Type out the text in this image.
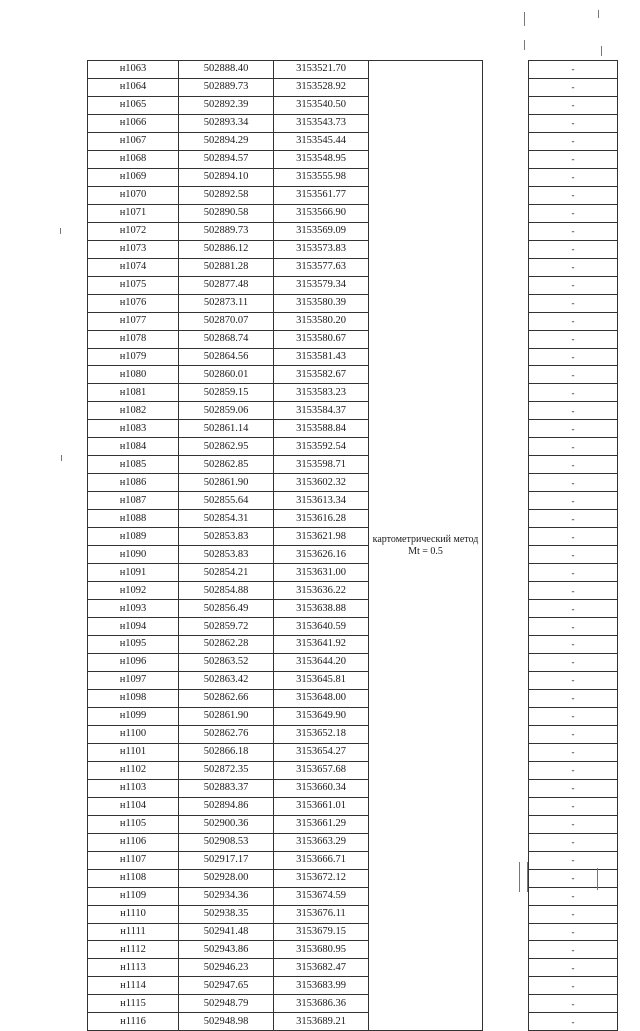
н1063	502888.40	3153521.70	картометрический метод Mt = 0.5		-
н1064	502889.73	3153528.92			-
н1065	502892.39	3153540.50			-
н1066	502893.34	3153543.73			-
н1067	502894.29	3153545.44			-
н1068	502894.57	3153548.95			-
н1069	502894.10	3153555.98			-
н1070	502892.58	3153561.77			-
н1071	502890.58	3153566.90			-
н1072	502889.73	3153569.09			-
н1073	502886.12	3153573.83			-
н1074	502881.28	3153577.63			-
н1075	502877.48	3153579.34			-
н1076	502873.11	3153580.39			-
н1077	502870.07	3153580.20			-
н1078	502868.74	3153580.67			-
н1079	502864.56	3153581.43			-
н1080	502860.01	3153582.67			-
н1081	502859.15	3153583.23			-
н1082	502859.06	3153584.37			-
н1083	502861.14	3153588.84			-
н1084	502862.95	3153592.54			-
н1085	502862.85	3153598.71			-
н1086	502861.90	3153602.32			-
н1087	502855.64	3153613.34			-
н1088	502854.31	3153616.28			-
н1089	502853.83	3153621.98			-
н1090	502853.83	3153626.16			-
н1091	502854.21	3153631.00			-
н1092	502854.88	3153636.22			-
н1093	502856.49	3153638.88			-
н1094	502859.72	3153640.59			-
н1095	502862.28	3153641.92			-
н1096	502863.52	3153644.20			-
н1097	502863.42	3153645.81			-
н1098	502862.66	3153648.00			-
н1099	502861.90	3153649.90			-
н1100	502862.76	3153652.18			-
н1101	502866.18	3153654.27			-
н1102	502872.35	3153657.68			-
н1103	502883.37	3153660.34			-
н1104	502894.86	3153661.01			-
н1105	502900.36	3153661.29			-
н1106	502908.53	3153663.29			-
н1107	502917.17	3153666.71			-
н1108	502928.00	3153672.12			-
н1109	502934.36	3153674.59			-
н1110	502938.35	3153676.11			-
н1111	502941.48	3153679.15			-
н1112	502943.86	3153680.95			-
н1113	502946.23	3153682.47			-
н1114	502947.65	3153683.99			-
н1115	502948.79	3153686.36			-
н1116	502948.98	3153689.21			-
